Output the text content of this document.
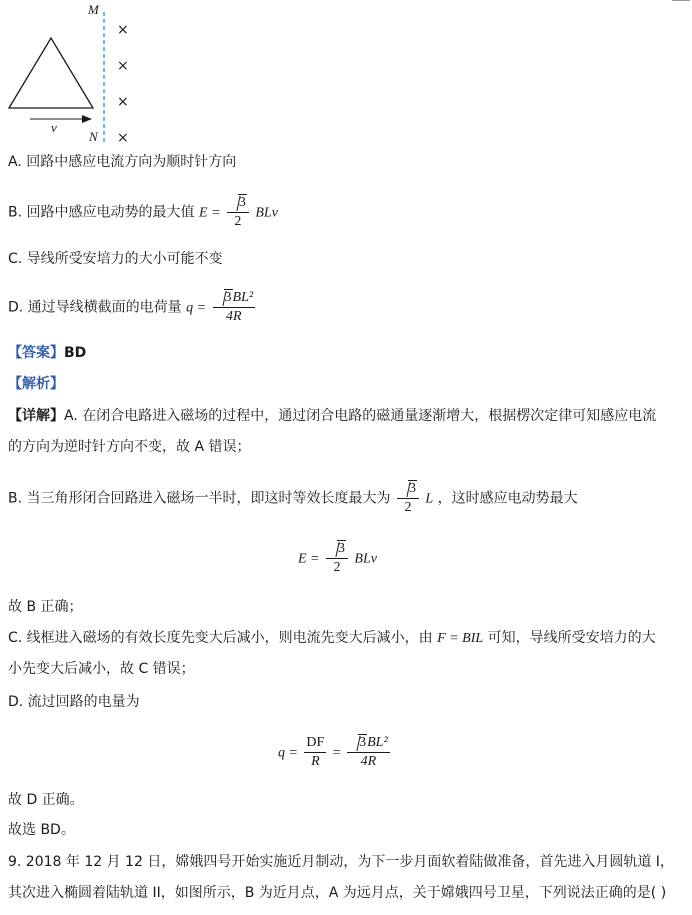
M
N
v
×
×
×
×
A. 回路中感应电流方向为顺时针方向
B. 回路中感应电动势的最大值 $E = \frac{3}{2}$ BLv
C. 导线所受安培力的大小可能不变
D. 通过导线横截面的电荷量 $q = \frac{\text{3BL²}}{4R}$
【答案】BD
【解析】
【详解】A. 在闭合电路进入磁场的过程中，通过闭合电路的磁通量逐渐增大，根据楞次定律可知感应电流
的方向为逆时针方向不变，故 A 错误；
B. 当三角形闭合回路进入磁场一半时，即这时等效长度最大为 $\frac{3}{2}$ L ，这时感应电动势最大
$E = \frac{3}{2}$ BLv
故 B 正确；
C. 线框进入磁场的有效长度先变大后减小，则电流先变大后减小，由 F = BIL 可知，导线所受安培力的大
小先变大后减小，故 C 错误；
D. 流过回路的电量为
$q = \frac{DF}{R} = \frac{\text{3BL²}}{4R}$
故 D 正确。
故选 BD。
9. 2018 年 12 月 12 日，嫦娥四号开始实施近月制动，为下一步月面软着陆做准备，首先进入月圆轨道 I，
其次进入椭圆着陆轨道 II，如图所示，B 为近月点，A 为远月点，关于嫦娥四号卫星，下列说法正确的是( )
